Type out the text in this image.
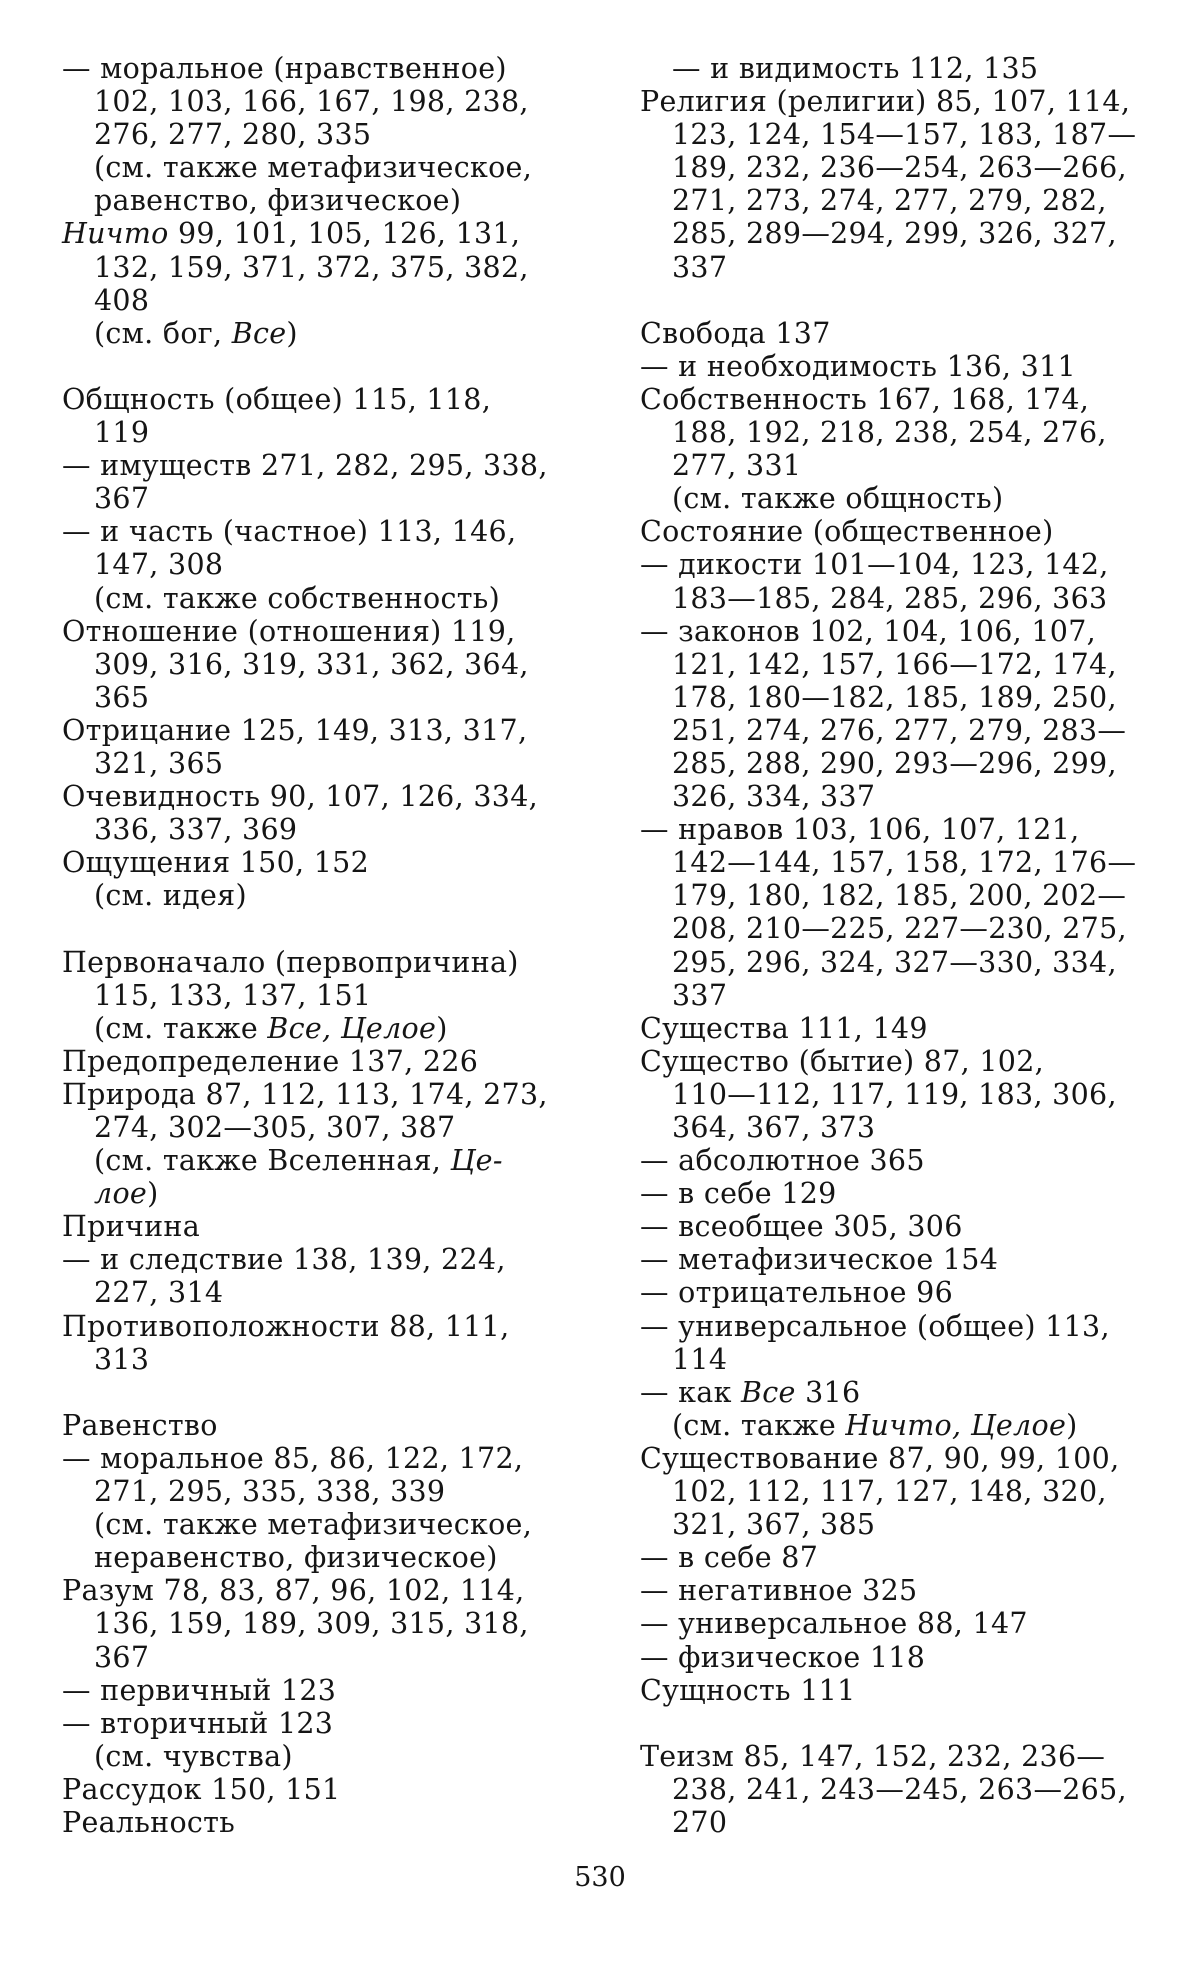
— моральное (нравственное)
102, 103, 166, 167, 198, 238,
276, 277, 280, 335
(см. также метафизическое,
равенство, физическое)
Ничто 99, 101, 105, 126, 131,
132, 159, 371, 372, 375, 382,
408
(см. бог, Все)
Общность (общее) 115, 118,
119
— имуществ 271, 282, 295, 338,
367
— и часть (частное) 113, 146,
147, 308
(см. также собственность)
Отношение (отношения) 119,
309, 316, 319, 331, 362, 364,
365
Отрицание 125, 149, 313, 317,
321, 365
Очевидность 90, 107, 126, 334,
336, 337, 369
Ощущения 150, 152
(см. идея)
Первоначало (первопричина)
115, 133, 137, 151
(см. также Все, Целое)
Предопределение 137, 226
Природа 87, 112, 113, 174, 273,
274, 302—305, 307, 387
(см. также Вселенная, Це-
лое)
Причина
— и следствие 138, 139, 224,
227, 314
Противоположности 88, 111,
313
Равенство
— моральное 85, 86, 122, 172,
271, 295, 335, 338, 339
(см. также метафизическое,
неравенство, физическое)
Разум 78, 83, 87, 96, 102, 114,
136, 159, 189, 309, 315, 318,
367
— первичный 123
— вторичный 123
(см. чувства)
Рассудок 150, 151
Реальность
— и видимость 112, 135
Религия (религии) 85, 107, 114,
123, 124, 154—157, 183, 187—
189, 232, 236—254, 263—266,
271, 273, 274, 277, 279, 282,
285, 289—294, 299, 326, 327,
337
Свобода 137
— и необходимость 136, 311
Собственность 167, 168, 174,
188, 192, 218, 238, 254, 276,
277, 331
(см. также общность)
Состояние (общественное)
— дикости 101—104, 123, 142,
183—185, 284, 285, 296, 363
— законов 102, 104, 106, 107,
121, 142, 157, 166—172, 174,
178, 180—182, 185, 189, 250,
251, 274, 276, 277, 279, 283—
285, 288, 290, 293—296, 299,
326, 334, 337
— нравов 103, 106, 107, 121,
142—144, 157, 158, 172, 176—
179, 180, 182, 185, 200, 202—
208, 210—225, 227—230, 275,
295, 296, 324, 327—330, 334,
337
Существа 111, 149
Существо (бытие) 87, 102,
110—112, 117, 119, 183, 306,
364, 367, 373
— абсолютное 365
— в себе 129
— всеобщее 305, 306
— метафизическое 154
— отрицательное 96
— универсальное (общее) 113,
114
— как Все 316
(см. также Ничто, Целое)
Существование 87, 90, 99, 100,
102, 112, 117, 127, 148, 320,
321, 367, 385
— в себе 87
— негативное 325
— универсальное 88, 147
— физическое 118
Сущность 111
Теизм 85, 147, 152, 232, 236—
238, 241, 243—245, 263—265,
270
530
